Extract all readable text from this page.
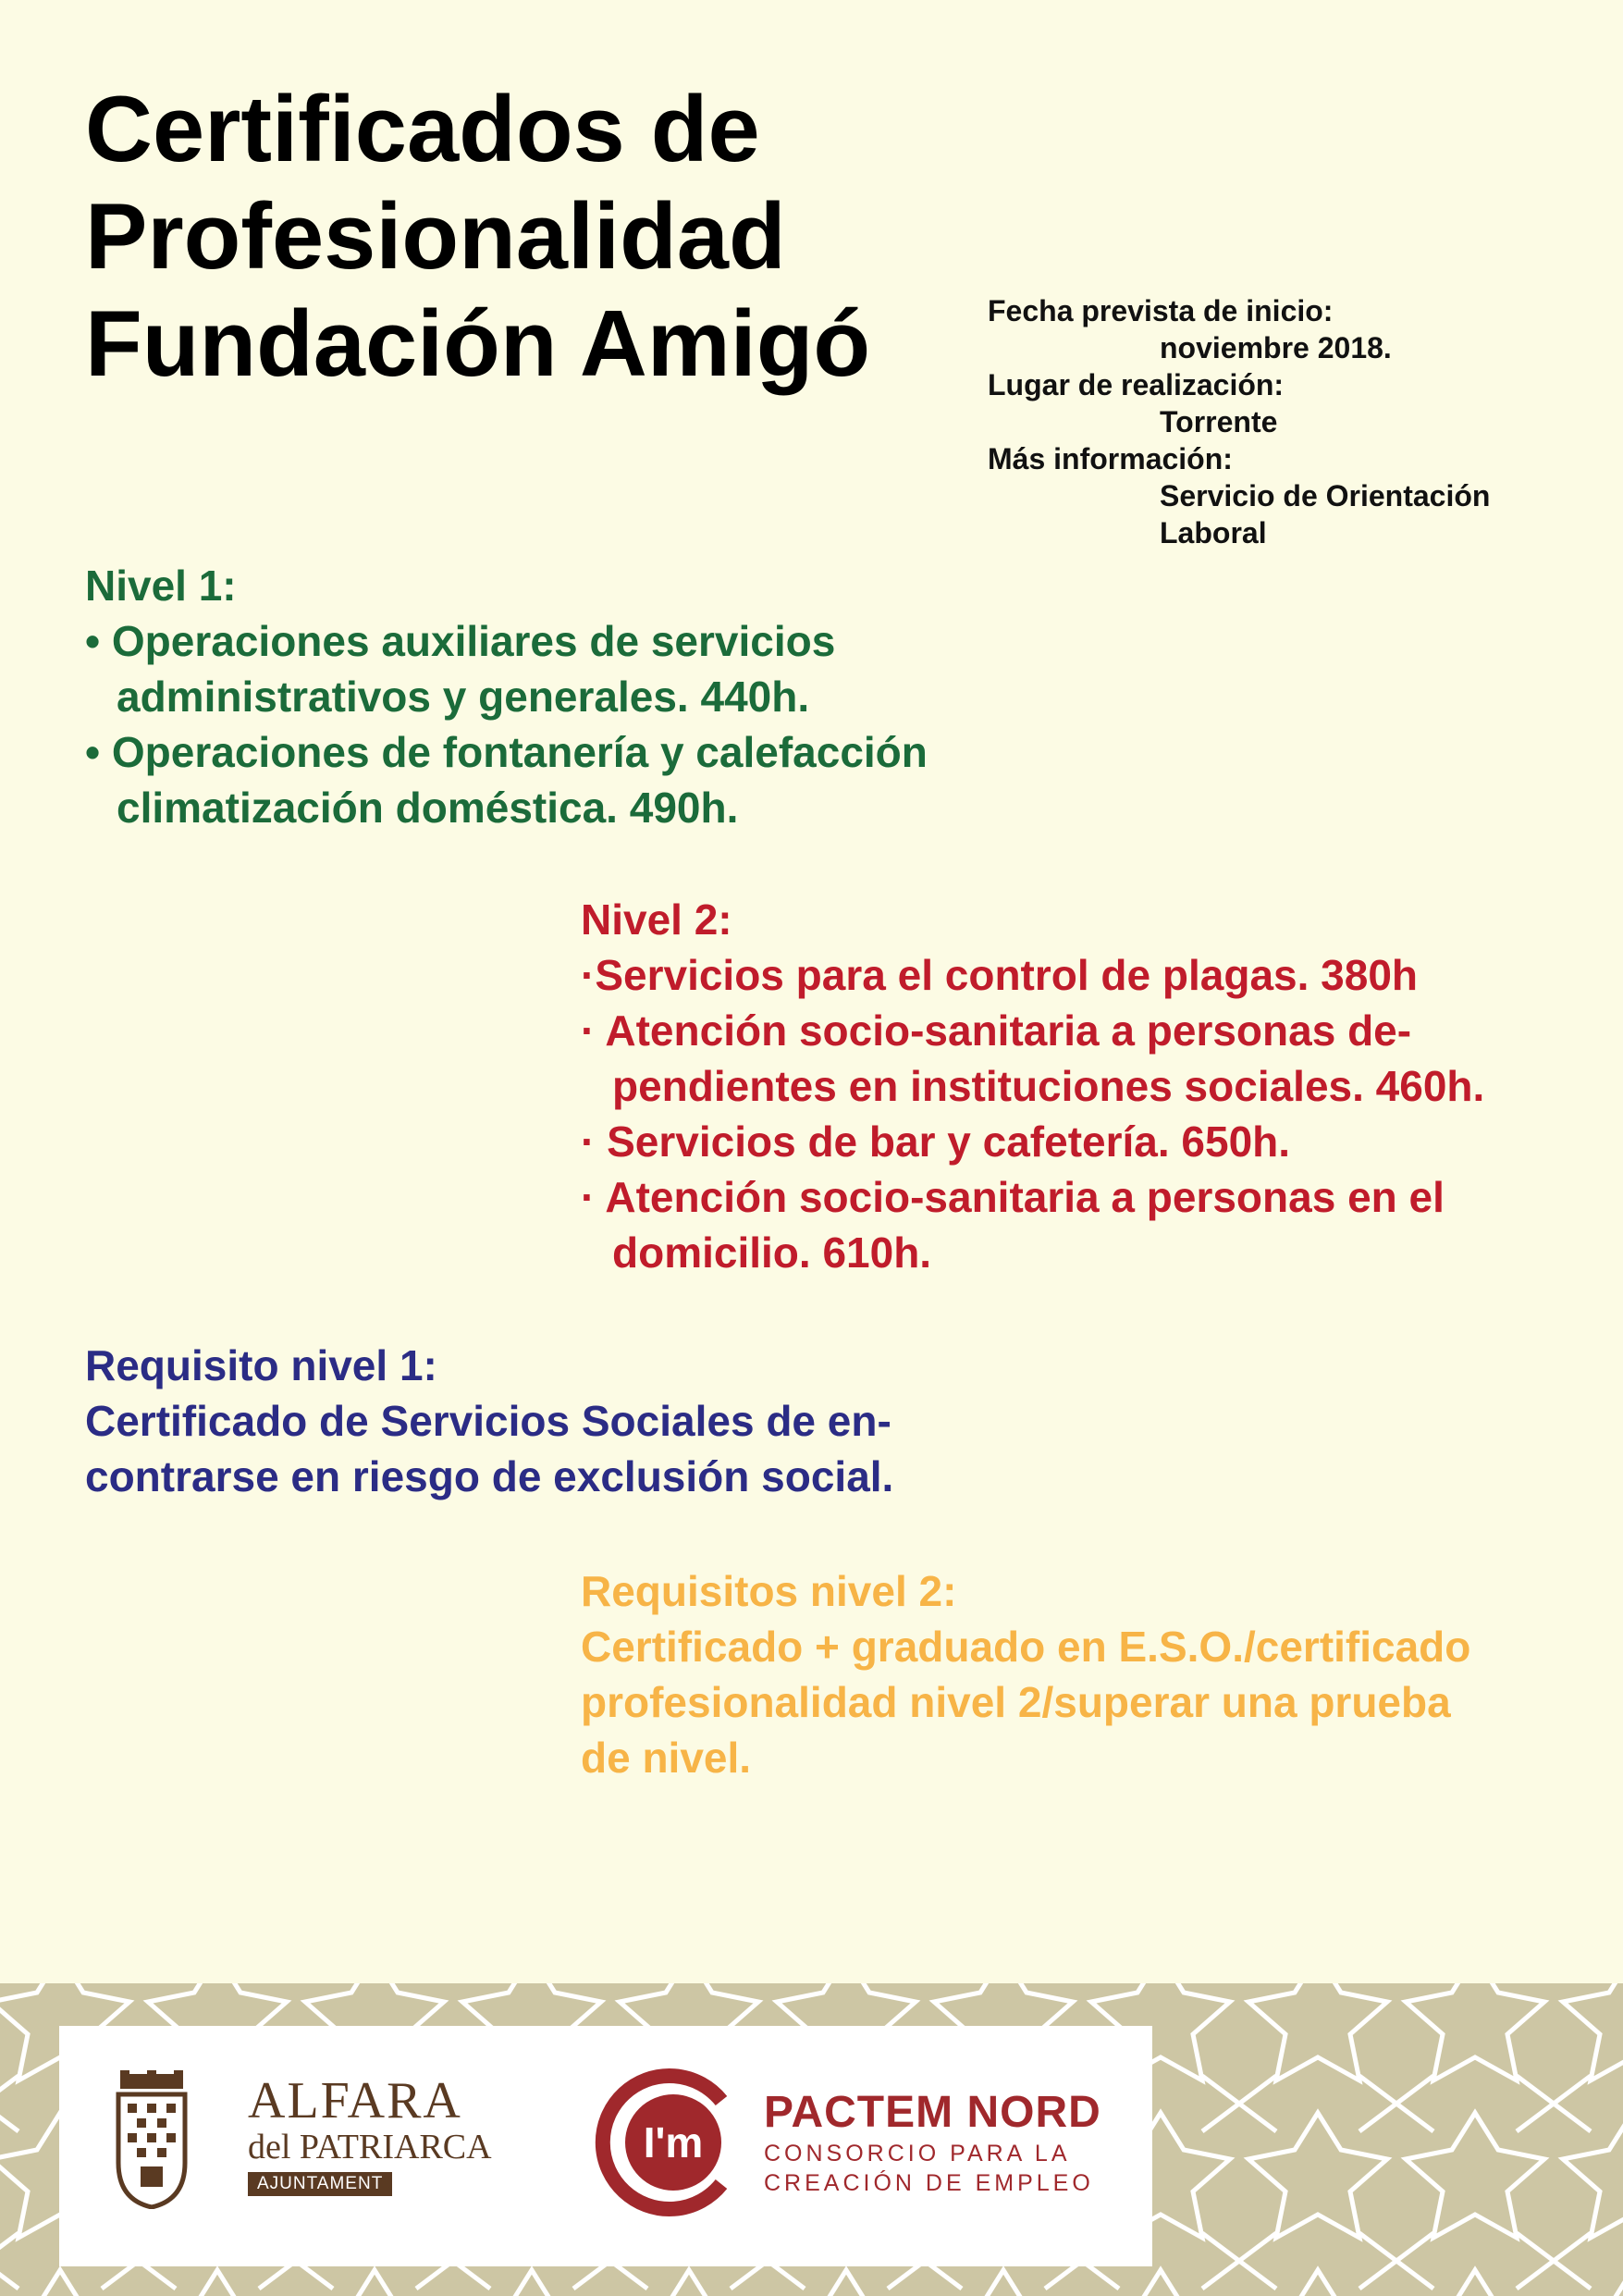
Certificados de
Profesionalidad
Fundación Amigó	Fecha prevista de inicio:
noviembre 2018.
Lugar de realización:
Torrente
Más información:
Servicio de Orientación
Laboral
Nivel 1:
• Operaciones auxiliares de servicios
administrativos y generales. 440h.
• Operaciones de fontanería y calefacción
climatización doméstica. 490h.
Nivel 2:
·Servicios para el control de plagas. 380h
· Atención socio-sanitaria a personas de-
pendientes en instituciones sociales. 460h.
· Servicios de bar y cafetería. 650h.
· Atención socio-sanitaria a personas en el
domicilio. 610h.
Requisito nivel 1:
Certificado de Servicios Sociales de en-
contrarse en riesgo de exclusión social.
Requisitos nivel 2:
Certificado + graduado en E.S.O./certificado
profesionalidad nivel 2/superar una prueba
de nivel.
ALFARA
del PATRIARCA
AJUNTAMENT
I'm
PACTEM NORD
CONSORCIO PARA LA
CREACIÓN DE EMPLEO
